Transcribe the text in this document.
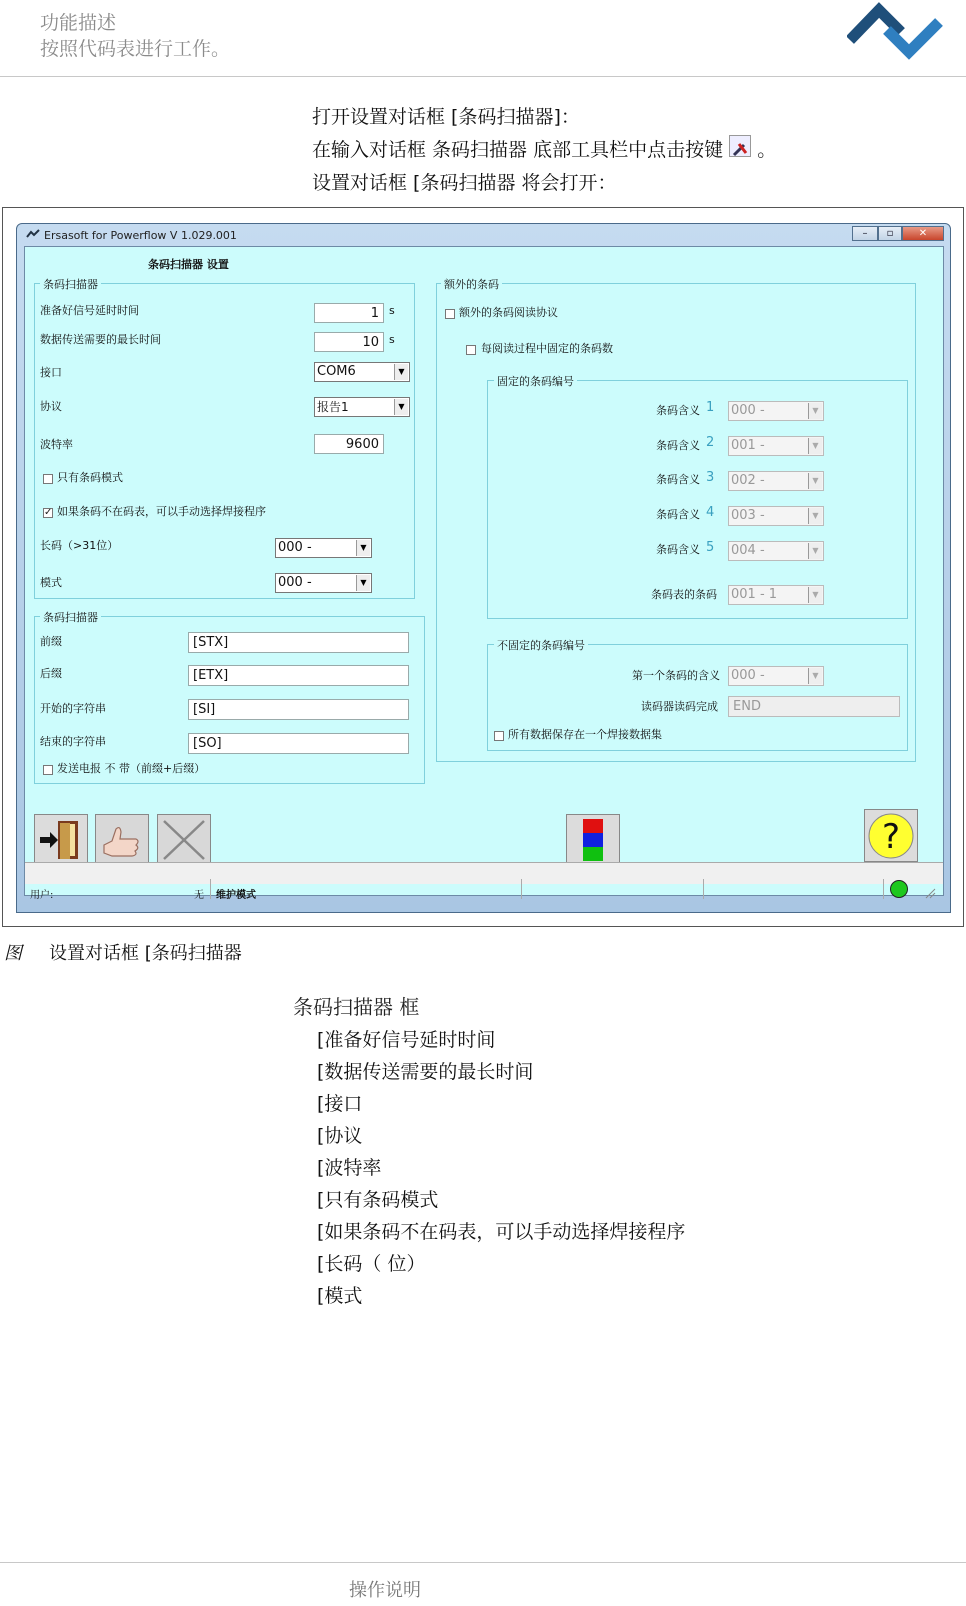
功能描述
按照代码表进行工作。
打开设置对话框 [条码扫描器]：
在输入对话框 条码扫描器 底部工具栏中点击按键 。
设置对话框 [条码扫描器 将会打开：
Ersasoft for Powerflow V 1.029.001	–	▫	✕
条码扫描器 设置
条码扫描器
准备好信号延时时间	1 s
数据传送需要的最长时间	10 s
接口	COM6	▼
协议	报告1	▼
波特率	9600
只有条码模式
✓ 如果条码不在码表，可以手动选择焊接程序
长码（>31位）	000 -	▼
模式	000 -	▼
条码扫描器
前缀	[STX]
后缀	[ETX]
开始的字符串	[SI]
结束的字符串	[SO]
发送电报 不 带（前缀+后缀）
额外的条码
额外的条码阅读协议
每阅读过程中固定的条码数
固定的条码编号
条码含义 1 000 -	▼
条码含义 2 001 -	▼
条码含义 3 002 -	▼
条码含义 4 003 -	▼
条码含义 5 004 -	▼
条码表的条码 001 - 1	▼
不固定的条码编号
第一个条码的含义 000 -	▼
读码器读码完成	END
所有数据保存在一个焊接数据集
?
用户:	无 维护模式
图 设置对话框 [条码扫描器
条码扫描器 框
[准备好信号延时时间
[数据传送需要的最长时间
[接口
[协议
[波特率
[只有条码模式
[如果条码不在码表，可以手动选择焊接程序
[长码（ 位）
[模式
操作说明
